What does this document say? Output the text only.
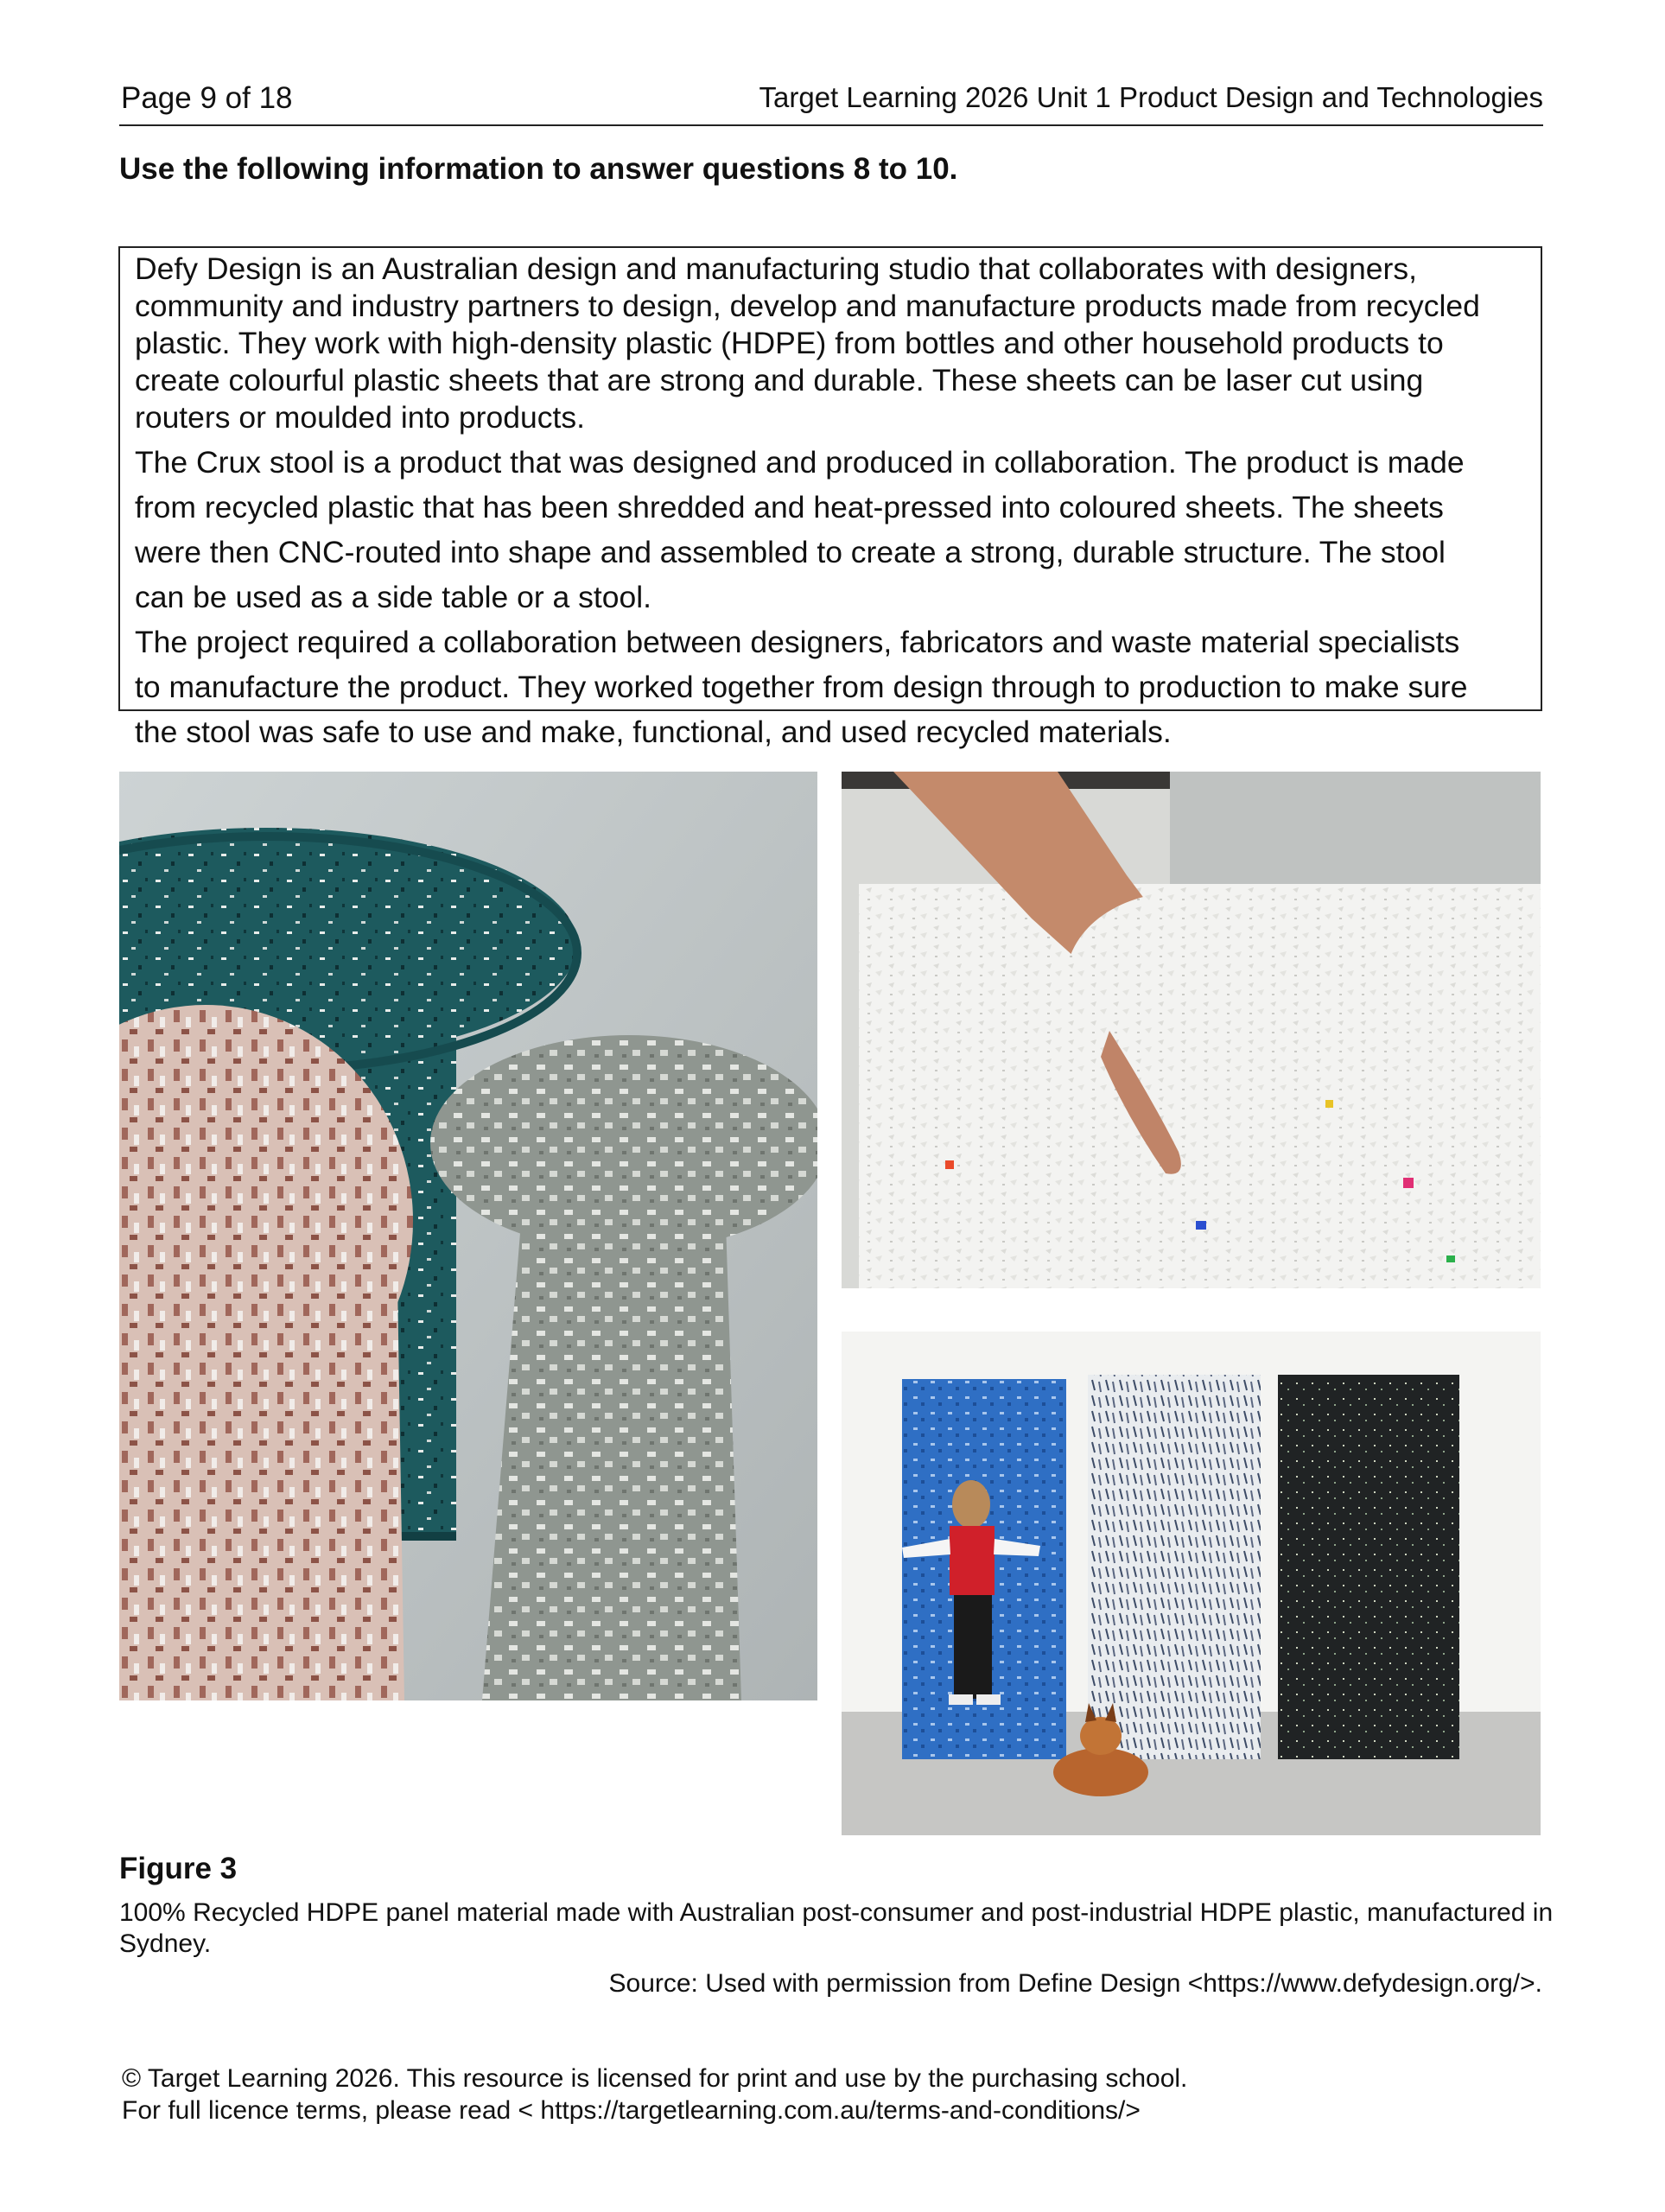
Page 9 of 18	Target Learning 2026 Unit 1 Product Design and Technologies
Use the following information to answer questions 8 to 10.

Defy Design is an Australian design and manufacturing studio that collaborates with designers,

community and industry partners to design, develop and manufacture products made from recycled

plastic. They work with high-density plastic (HDPE) from bottles and other household products to

create colourful plastic sheets that are strong and durable. These sheets can be laser cut using

routers or moulded into products.

The Crux stool is a product that was designed and produced in collaboration. The product is made

from recycled plastic that has been shredded and heat-pressed into coloured sheets. The sheets

were then CNC-routed into shape and assembled to create a strong, durable structure. The stool

can be used as a side table or a stool.

The project required a collaboration between designers, fabricators and waste material specialists

to manufacture the product. They worked together from design through to production to make sure

the stool was safe to use and make, functional, and used recycled materials.

Figure 3
100% Recycled HDPE panel material made with Australian post-consumer and post-industrial HDPE plastic, manufactured in Sydney.
Source: Used with permission from Define Design <https://www.defydesign.org/>.
© Target Learning 2026. This resource is licensed for print and use by the purchasing school.
For full licence terms, please read < https://targetlearning.com.au/terms-and-conditions/>
